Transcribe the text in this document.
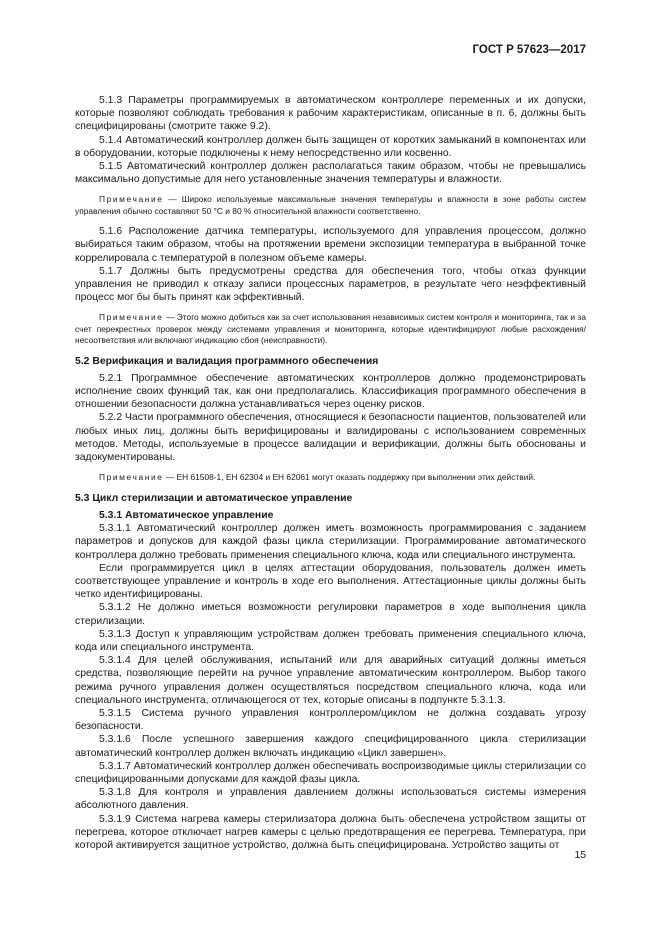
ГОСТ Р 57623—2017

5.1.3 Параметры программируемых в автоматическом контроллере переменных и их допуски, которые позволяют соблюдать требования к рабочим характеристикам, описанные в п. 6, должны быть специфицированы (смотрите также 9.2).

5.1.4 Автоматический контроллер должен быть защищен от коротких замыканий в компонентах или в оборудовании, которые подключены к нему непосредственно или косвенно.

5.1.5 Автоматический контроллер должен располагаться таким образом, чтобы не превышались максимально допустимые для него установленные значения температуры и влажности.

Примечание — Широко используемые максимальные значения температуры и влажности в зоне работы систем управления обычно составляют 50 °С и 80 % относительной влажности соответственно.

5.1.6 Расположение датчика температуры, используемого для управления процессом, должно выбираться таким образом, чтобы на протяжении времени экспозиции температура в выбранной точке коррелировала с температурой в полезном объеме камеры.

5.1.7 Должны быть предусмотрены средства для обеспечения того, чтобы отказ функции управления не приводил к отказу записи процессных параметров, в результате чего неэффективный процесс мог бы быть принят как эффективный.

Примечание — Этого можно добиться как за счет использования независимых систем контроля и мониторинга, так и за счет перекрестных проверок между системами управления и мониторинга, которые идентифицируют любые расхождения/несоответствия или включают индикацию сбоя (неисправности).

5.2 Верификация и валидация программного обеспечения

5.2.1 Программное обеспечение автоматических контроллеров должно продемонстрировать исполнение своих функций так, как они предполагались. Классификация программного обеспечения в отношении безопасности должна устанавливаться через оценку рисков.

5.2.2 Части программного обеспечения, относящиеся к безопасности пациентов, пользователей или любых иных лиц, должны быть верифицированы и валидированы с использованием современных методов. Методы, используемые в процессе валидации и верификации, должны быть обоснованы и задокументированы.

Примечание — ЕН 61508-1, ЕН 62304 и ЕН 62061 могут оказать поддержку при выполнении этих действий.

5.3 Цикл стерилизации и автоматическое управление
5.3.1 Автоматическое управление

5.3.1.1 Автоматический контроллер должен иметь возможность программирования с заданием параметров и допусков для каждой фазы цикла стерилизации. Программирование автоматического контроллера должно требовать применения специального ключа, кода или специального инструмента.

Если программируется цикл в целях аттестации оборудования, пользователь должен иметь соответствующее управление и контроль в ходе его выполнения. Аттестационные циклы должны быть четко идентифицированы.

5.3.1.2 Не должно иметься возможности регулировки параметров в ходе выполнения цикла стерилизации.

5.3.1.3 Доступ к управляющим устройствам должен требовать применения специального ключа, кода или специального инструмента.

5.3.1.4 Для целей обслуживания, испытаний или для аварийных ситуаций должны иметься средства, позволяющие перейти на ручное управление автоматическим контроллером. Выбор такого режима ручного управления должен осуществляться посредством специального ключа, кода или специального инструмента, отличающегося от тех, которые описаны в подпункте 5.3.1.3.

5.3.1.5 Система ручного управления контроллером/циклом не должна создавать угрозу безопасности.

5.3.1.6 После успешного завершения каждого специфицированного цикла стерилизации автоматический контроллер должен включать индикацию «Цикл завершен».

5.3.1.7 Автоматический контроллер должен обеспечивать воспроизводимые циклы стерилизации со специфицированными допусками для каждой фазы цикла.

5.3.1.8 Для контроля и управления давлением должны использоваться системы измерения абсолютного давления.

5.3.1.9 Система нагрева камеры стерилизатора должна быть обеспечена устройством защиты от перегрева, которое отключает нагрев камеры с целью предотвращения ее перегрева. Температура, при которой активируется защитное устройство, должна быть специфицирована. Устройство защиты от

15
